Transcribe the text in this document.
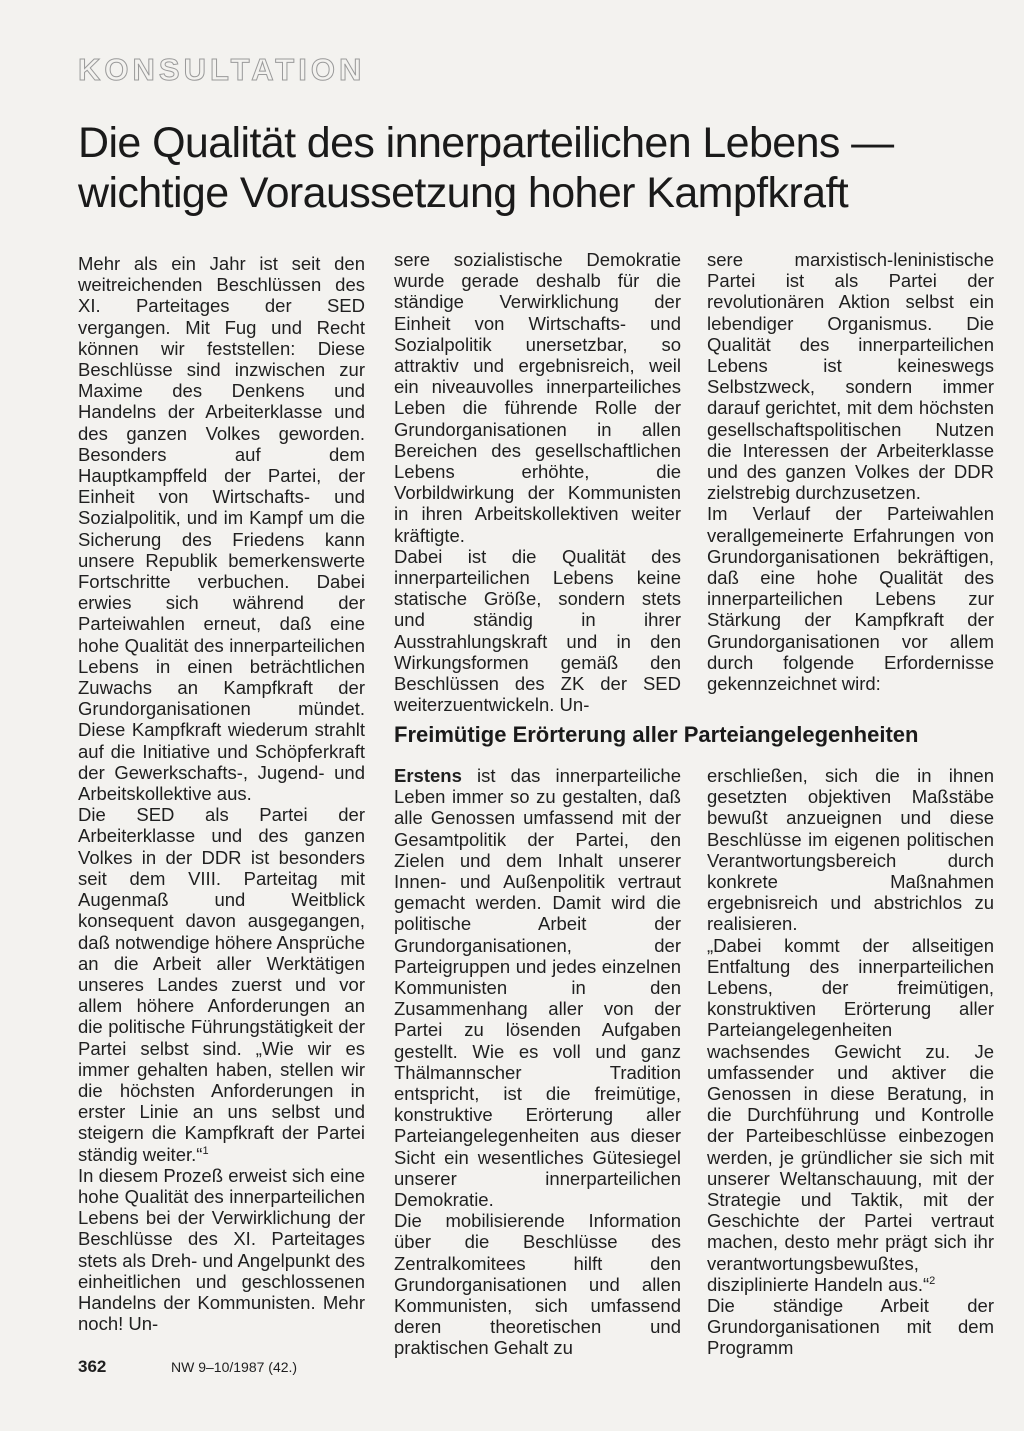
KONSULTATION
Die Qualität des innerparteilichen Lebens —
wichtige Voraussetzung hoher Kampfkraft

Mehr als ein Jahr ist seit den weitreichenden Beschlüssen des XI. Parteitages der SED vergangen. Mit Fug und Recht können wir feststellen: Diese Beschlüsse sind inzwischen zur Maxime des Denkens und Handelns der Arbeiterklasse und des ganzen Volkes geworden. Besonders auf dem Hauptkampffeld der Partei, der Einheit von Wirtschafts- und Sozialpolitik, und im Kampf um die Sicherung des Friedens kann unsere Republik bemerkenswerte Fortschritte verbuchen. Dabei erwies sich während der Parteiwahlen erneut, daß eine hohe Qualität des innerparteilichen Lebens in einen beträchtlichen Zuwachs an Kampfkraft der Grundorganisationen mündet. Diese Kampfkraft wiederum strahlt auf die Initiative und Schöpferkraft der Gewerkschafts-, Jugend- und Arbeitskollektive aus.

Die SED als Partei der Arbeiterklasse und des ganzen Volkes in der DDR ist besonders seit dem VIII. Parteitag mit Augenmaß und Weitblick konsequent davon ausgegangen, daß notwendige höhere Ansprüche an die Arbeit aller Werktätigen unseres Landes zuerst und vor allem höhere Anforderungen an die politische Führungstätigkeit der Partei selbst sind. „Wie wir es immer gehalten haben, stellen wir die höchsten Anforderungen in erster Linie an uns selbst und steigern die Kampfkraft der Partei ständig weiter.“$^1$

In diesem Prozeß erweist sich eine hohe Qualität des innerparteilichen Lebens bei der Verwirklichung der Beschlüsse des XI. Parteitages stets als Dreh- und Angelpunkt des einheitlichen und geschlossenen Handelns der Kommunisten. Mehr noch! Un-

sere sozialistische Demokratie wurde gerade deshalb für die ständige Verwirklichung der Einheit von Wirtschafts- und Sozialpolitik unersetzbar, so attraktiv und ergebnisreich, weil ein niveauvolles innerparteiliches Leben die führende Rolle der Grundorganisationen in allen Bereichen des gesellschaftlichen Lebens erhöhte, die Vorbildwirkung der Kommunisten in ihren Arbeitskollektiven weiter kräftigte.

Dabei ist die Qualität des innerparteilichen Lebens keine statische Größe, sondern stets und ständig in ihrer Ausstrahlungskraft und in den Wirkungsformen gemäß den Beschlüssen des ZK der SED weiterzuentwickeln. Un-

sere marxistisch-leninistische Partei ist als Partei der revolutionären Aktion selbst ein lebendiger Organismus. Die Qualität des innerparteilichen Lebens ist keineswegs Selbstzweck, sondern immer darauf gerichtet, mit dem höchsten gesellschaftspolitischen Nutzen die Interessen der Arbeiterklasse und des ganzen Volkes der DDR zielstrebig durchzusetzen.

Im Verlauf der Parteiwahlen verallgemeinerte Erfahrungen von Grundorganisationen bekräftigen, daß eine hohe Qualität des innerparteilichen Lebens zur Stärkung der Kampfkraft der Grundorganisationen vor allem durch folgende Erfordernisse gekennzeichnet wird:

Freimütige Erörterung aller Parteiangelegenheiten

Erstens ist das innerparteiliche Leben immer so zu gestalten, daß alle Genossen umfassend mit der Gesamtpolitik der Partei, den Zielen und dem Inhalt unserer Innen- und Außenpolitik vertraut gemacht werden. Damit wird die politische Arbeit der Grundorganisationen, der Parteigruppen und jedes einzelnen Kommunisten in den Zusammenhang aller von der Partei zu lösenden Aufgaben gestellt. Wie es voll und ganz Thälmannscher Tradition entspricht, ist die freimütige, konstruktive Erörterung aller Parteiangelegenheiten aus dieser Sicht ein wesentliches Gütesiegel unserer innerparteilichen Demokratie.

Die mobilisierende Information über die Beschlüsse des Zentralkomitees hilft den Grundorganisationen und allen Kommunisten, sich umfassend deren theoretischen und praktischen Gehalt zu

erschließen, sich die in ihnen gesetzten objektiven Maßstäbe bewußt anzueignen und diese Beschlüsse im eigenen politischen Verantwortungsbereich durch konkrete Maßnahmen ergebnisreich und abstrichlos zu realisieren.

„Dabei kommt der allseitigen Entfaltung des innerparteilichen Lebens, der freimütigen, konstruktiven Erörterung aller Parteiangelegenheiten wachsendes Gewicht zu. Je umfassender und aktiver die Genossen in diese Beratung, in die Durchführung und Kontrolle der Parteibeschlüsse einbezogen werden, je gründlicher sie sich mit unserer Weltanschauung, mit der Strategie und Taktik, mit der Geschichte der Partei vertraut machen, desto mehr prägt sich ihr verantwortungsbewußtes, disziplinierte Handeln aus.“$^2$

Die ständige Arbeit der Grundorganisationen mit dem Programm

362	NW 9–10/1987 (42.)
